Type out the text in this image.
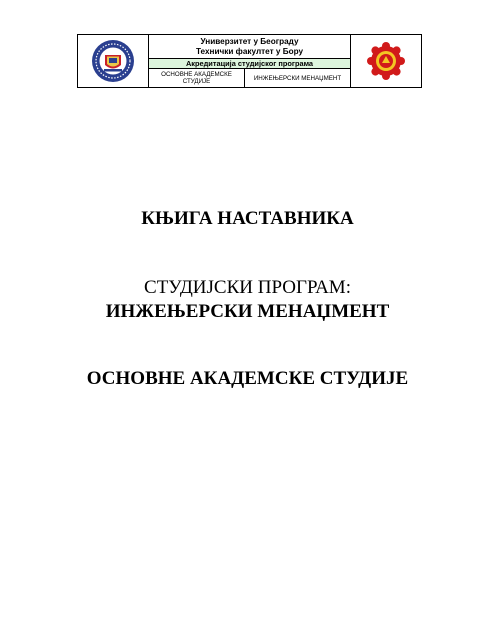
Универзитет у Београду
Технички факултет у Бору
Акредитација студијског програма
ОСНОВНЕ АКАДЕМСКЕ СТУДИЈЕ	ИНЖЕЊЕРСКИ МЕНАЏМЕНТ
КЊИГА НАСТАВНИКА
СТУДИЈСКИ ПРОГРАМ:
ИНЖЕЊЕРСКИ МЕНАЏМЕНТ
ОСНОВНЕ АКАДЕМСКЕ СТУДИЈЕ
